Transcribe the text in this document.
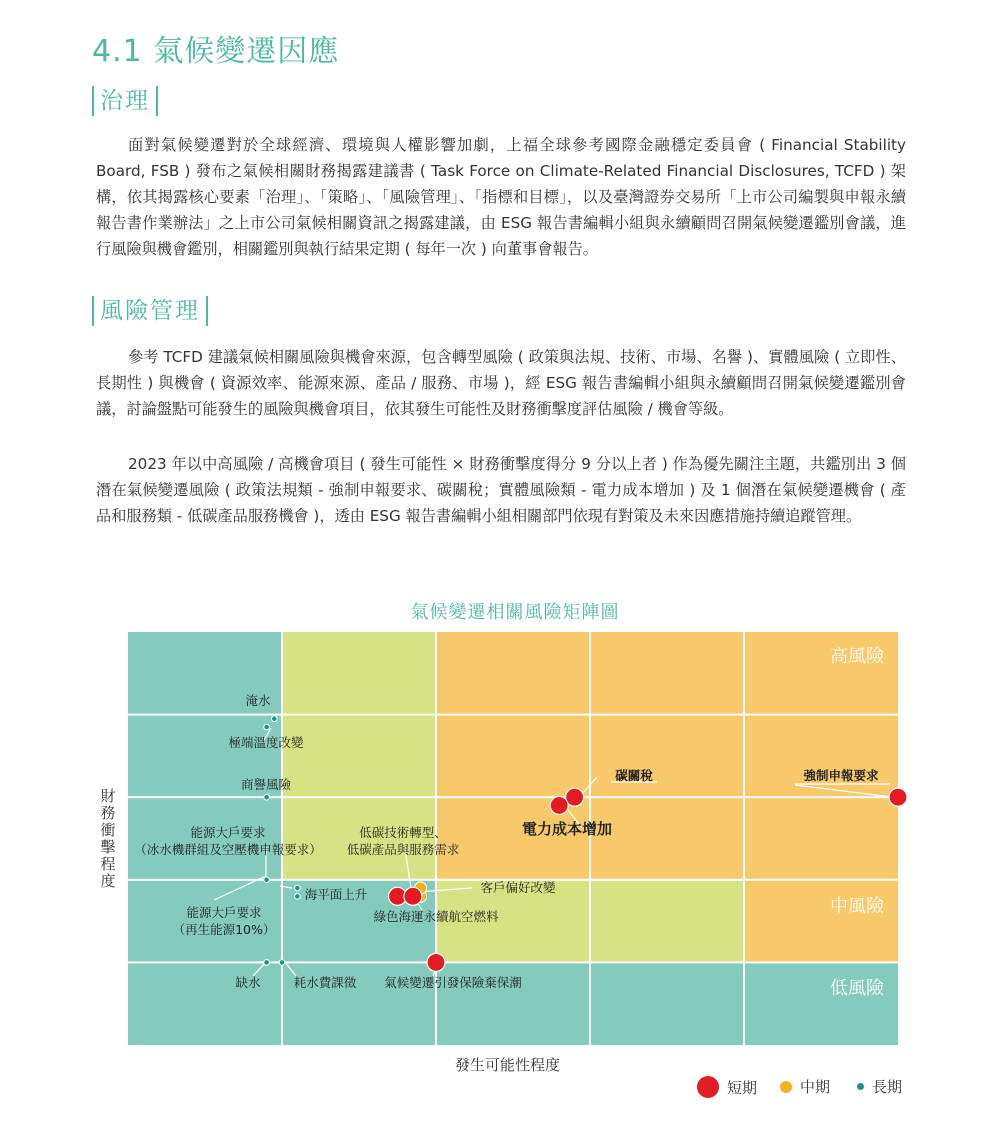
4.1 氣候變遷因應
治理

面對氣候變遷對於全球經濟、環境與人權影響加劇，上福全球參考國際金融穩定委員會 ( Financial Stability Board, FSB ) 發布之氣候相關財務揭露建議書 ( Task Force on Climate-Related Financial Disclosures, TCFD ) 架構，依其揭露核心要素「治理」、「策略」、「風險管理」、「指標和目標」，以及臺灣證券交易所「上市公司編製與申報永續報告書作業辦法」之上市公司氣候相關資訊之揭露建議，由 ESG 報告書編輯小組與永續顧問召開氣候變遷鑑別會議，進行風險與機會鑑別，相關鑑別與執行結果定期 ( 每年一次 ) 向董事會報告。

風險管理

參考 TCFD 建議氣候相關風險與機會來源，包含轉型風險 ( 政策與法規、技術、市場、名譽 )、實體風險 ( 立即性、長期性 ) 與機會 ( 資源效率、能源來源、產品 / 服務、市場 )，經 ESG 報告書編輯小組與永續顧問召開氣候變遷鑑別會議，討論盤點可能發生的風險與機會項目，依其發生可能性及財務衝擊度評估風險 / 機會等級。

2023 年以中高風險 / 高機會項目 ( 發生可能性 × 財務衝擊度得分 9 分以上者 ) 作為優先關注主題，共鑑別出 3 個潛在氣候變遷風險 ( 政策法規類 - 強制申報要求、碳關稅；實體風險類 - 電力成本增加 ) 及 1 個潛在氣候變遷機會 ( 產品和服務類 - 低碳產品服務機會 )，透由 ESG 報告書編輯小組相關部門依現有對策及未來因應措施持續追蹤管理。

氣候變遷相關風險矩陣圖
財務衝擊程度
發生可能性程度
高風險
中風險
低風險
淹水
極端溫度改變
商譽風險
能源大戶要求（冰水機群組及空壓機申報要求）
海平面上升
能源大戶要求（再生能源10%）
缺水	耗水費課徵
低碳技術轉型、低碳產品與服務需求
客戶偏好改變
綠色海運永續航空燃料
氣候變遷引發保險棄保潮
碳關稅
電力成本增加
強制申報要求
短期	中期	長期
